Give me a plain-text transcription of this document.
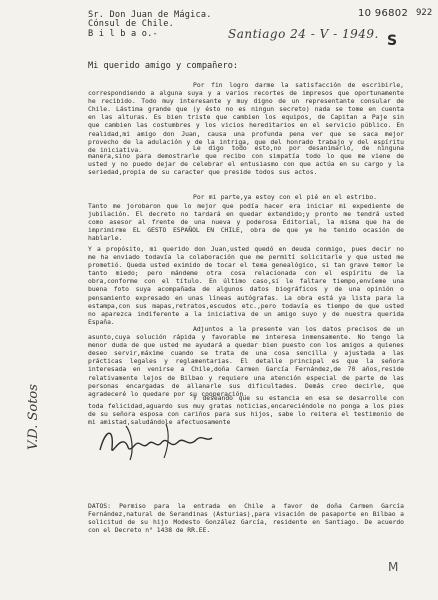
10 96802 922
Sr. Don Juan de Mágica.
Cónsul de Chile.
B i l b a o.-	Santiago 24 - V - 1949. S
Mi querido amigo y compañero:
Por fin logro darme la satisfacción de escribirle, correspondiendo a alguna suya y a varios recortes de impresos que oportunamente he recibido. Todo muy interesante y muy digno de un representante consular de Chile. Lástima grande que (y ésto no es ningun secreto) nada se tome en cuenta en las alturas. Es bien triste que cambien los equipos, de Capitan a Paje sin que cambien las costumbres y los vicios hereditarios en el servicio público. En realidad,mi amigo don Juan, causa una profunda pena ver que se saca mejor provecho de la adulación y de la intriga, que del honrado trabajo y del espíritu de iniciativa.	Le digo todo esto,no por desanimarlo, de ninguna manera,sino para demostrarle que recibo con simpatía todo lo que me viene de usted y no puedo dejar de celebrar el entusiasmo con que actúa en su cargo y la seriedad,propia de su caracter que preside todos sus actos.
Por mi parte,ya estoy con el pié en el estribo.
Tanto me jorobaron que lo mejor que podía hacer era iniciar mi expediente de jubilación. El decreto no tardará en quedar extendido;y pronto me tendrá usted como asesor al frente de una nueva y poderosa Editorial, la misma que ha de imprimirme EL GESTO ESPAÑOL EN CHILE, obra de que ye he tenido ocasión de hablarle.
Y a propósito, mi querido don Juan,usted quedó en deuda conmigo, pues decir no me ha enviado todavía la colaboración que me permití solicitarle y que usted me prometió. Queda usted eximido de tocar el tema genealógico, si tan grave temor le tanto miedo; pero mándeme otra cosa relacionada con el espíritu de la obra,conforme con el título. En último caso,si le faltare tiempo,envíeme una buena foto suya acompañada de algunos datos biográficos y de una opinión o pensamiento expresado en unas líneas autógrafas. La obra está ya lista para la estampa,con sus mapas,retratos,escudos etc.,pero todavía es tiempo de que usted no aparezca indiferente a la iniciativa de un amigo suyo y de nuestra querida España.
Adjuntos a la presente van los datos precisos de un asunto,cuya solución rápida y favorable me interesa inmensamente. No tengo la menor duda de que usted me ayudará a quedar bien puesto con los amigos a quienes deseo servir,máxime cuando se trata de una cosa sencilla y ajustada a las prácticas legales y reglamentarias. El detalle principal es que la señora interesada en venirse a Chile,doña Carmen García Fernández,de 70 años,reside relativamente lejos de Bilbao y requiere una atención especial de parte de las personas encargadas de allanarle sus dificultades. Demás creo decirle, que agradeceré lo quedare por su cooperación.
Y deseando que su estancia en esa se desarrolle con toda felicidad,aguardo sus muy gratas noticias,encareciéndole no ponga a los pies de su señora esposa con cariños para sus hijos, sabe lo reitera el testimonio de mi amistad,saludándole afectuosamente
V.D. Sotos
DATOS: Permiso para la entrada en Chile a favor de doña Carmen García Fernández,natural de Serandinas (Asturias),para visación de pasaporte en Bilbao a solicitud de su hijo Modesto González García, residente en Santiago. De acuerdo con el Decreto n° 1438 de RR.EE.
M
